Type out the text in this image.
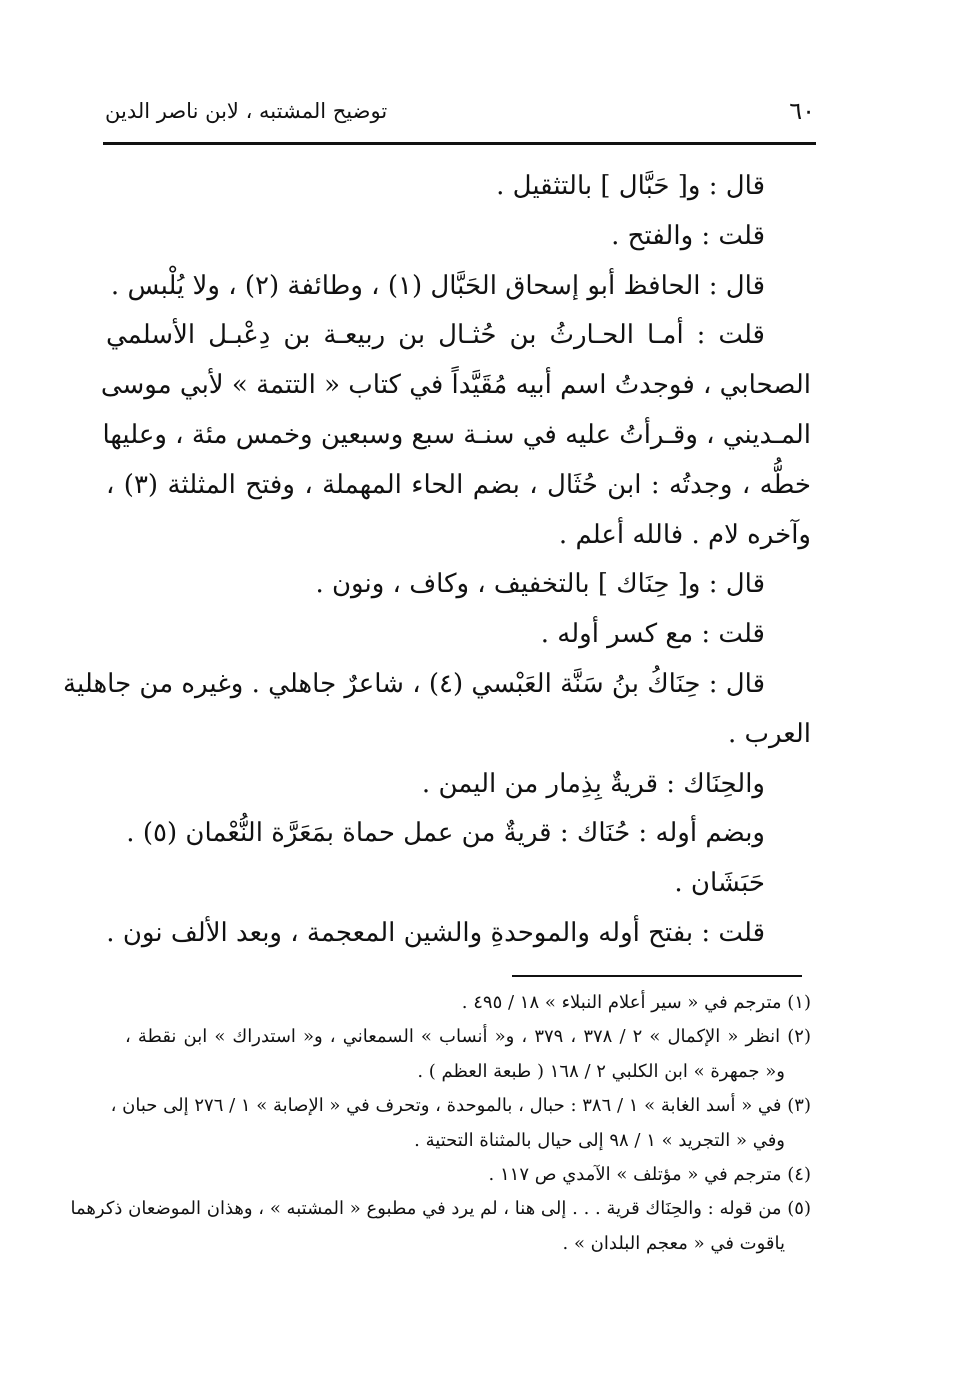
٦٠
توضيح المشتبه ، لابن ناصر الدين
قال : و[ حَبَّال ] بالتثقيل .
قلت : والفتح .
قال : الحافظ أبو إسحاق الحَبَّال (١) ، وطائفة (٢) ، ولا يُلْبس .
قلت : أمـا الحـارثُ بن حُثـال بن ربيعـة بن دِعْبـل الأسلمي
الصحابي ، فوجدتُ اسم أبيه مُقَيَّداً في كتاب « التتمة » لأبي موسى
المـديني ، وقـرأتُ عليه في سنـة سبع وسبعين وخمس مئة ، وعليها
خطُّه ، وجدتُه : ابن حُثَال ، بضم الحاء المهملة ، وفتح المثلثة (٣) ،
وآخره لام . فالله أعلم .
قال : و[ حِنَاك ] بالتخفيف ، وكاف ، ونون .
قلت : مع كسر أوله .
قال : حِنَاكُ بنُ سَنَّة العَبْسي (٤) ، شاعرٌ جاهلي . وغيره من جاهلية
العرب .
والحِنَاك : قريةٌ بِذِمار من اليمن .
وبضم أوله : حُنَاك : قريةٌ من عمل حماة بمَعَرَّة النُّعْمان (٥) .
حَبَشَان .
قلت : بفتح أوله والموحدةِ والشين المعجمة ، وبعد الألف نون .
(١) مترجم في « سير أعلام النبلاء » ١٨ / ٤٩٥ .
(٢) انظر « الإكمال » ٢ / ٣٧٨ ، ٣٧٩ ، و« أنساب » السمعاني ، و« استدراك » ابن نقطة ،
و« جمهرة » ابن الكلبي ٢ / ١٦٨ ( طبعة العظم ) .
(٣) في « أسد الغابة » ١ / ٣٨٦ : حبال ، بالموحدة ، وتحرف في « الإصابة » ١ / ٢٧٦ إلى حبان ،
وفي « التجريد » ١ / ٩٨ إلى حيال بالمثناة التحتية .
(٤) مترجم في « مؤتلف » الآمدي ص ١١٧ .
(٥) من قوله : والحِنَاك قرية . . . إلى هنا ، لم يرد في مطبوع « المشتبه » ، وهذان الموضعان ذكرهما
ياقوت في « معجم البلدان » .
